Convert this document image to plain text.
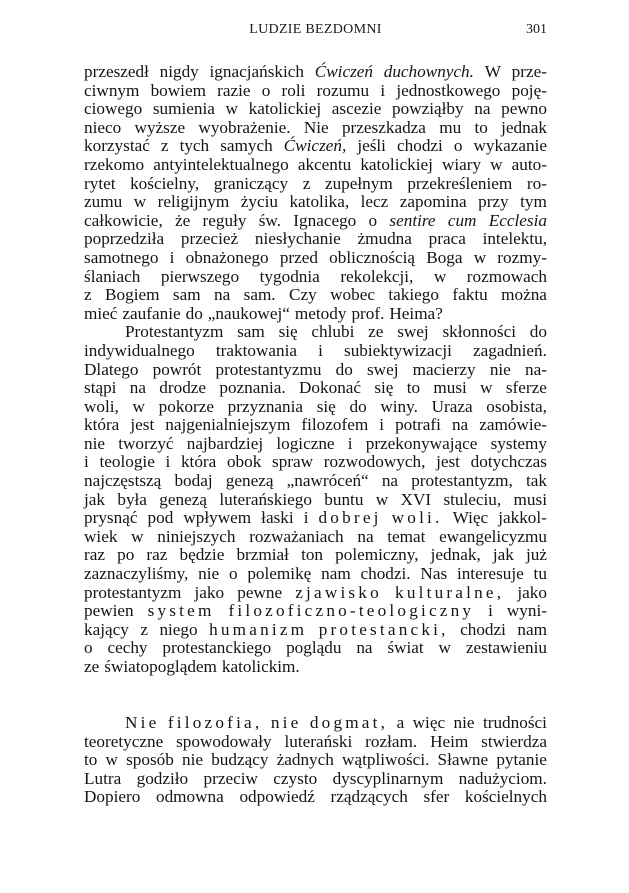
LUDZIE BEZDOMNI	301
przeszedł nigdy ignacjańskich Ćwiczeń duchownych. W prze-
ciwnym bowiem razie o roli rozumu i jednostkowego poję-
ciowego sumienia w katolickiej ascezie powziąłby na pewno
nieco wyższe wyobrażenie. Nie przeszkadza mu to jednak
korzystać z tych samych Ćwiczeń, jeśli chodzi o wykazanie
rzekomo antyintelektualnego akcentu katolickiej wiary w auto-
rytet kościelny, graniczący z zupełnym przekreśleniem ro-
zumu w religijnym życiu katolika, lecz zapomina przy tym
całkowicie, że reguły św. Ignacego o sentire cum Ecclesia
poprzedziła przecież niesłychanie żmudna praca intelektu,
samotnego i obnażonego przed oblicznością Boga w rozmy-
ślaniach pierwszego tygodnia rekolekcji, w rozmowach
z Bogiem sam na sam. Czy wobec takiego faktu można
mieć zaufanie do „naukowej“ metody prof. Heima?
Protestantyzm sam się chlubi ze swej skłonności do
indywidualnego traktowania i subiektywizacji zagadnień.
Dlatego powrót protestantyzmu do swej macierzy nie na-
stąpi na drodze poznania. Dokonać się to musi w sferze
woli, w pokorze przyznania się do winy. Uraza osobista,
która jest najgenialniejszym filozofem i potrafi na zamówie-
nie tworzyć najbardziej logiczne i przekonywające systemy
i teologie i która obok spraw rozwodowych, jest dotychczas
najczęstszą bodaj genezą „nawróceń“ na protestantyzm, tak
jak była genezą luterańskiego buntu w XVI stuleciu, musi
prysnąć pod wpływem łaski i dobrej woli. Więc jakkol-
wiek w niniejszych rozważaniach na temat ewangelicyzmu
raz po raz będzie brzmiał ton polemiczny, jednak, jak już
zaznaczyliśmy, nie o polemikę nam chodzi. Nas interesuje tu
protestantyzm jako pewne zjawisko kulturalne, jako
pewien system filozoficzno-teologiczny i wyni-
kający z niego humanizm protestancki, chodzi nam
o cechy protestanckiego poglądu na świat w zestawieniu
ze światopoglądem katolickim.
Nie filozofia, nie dogmat, a więc nie trudności
teoretyczne spowodowały luterański rozłam. Heim stwierdza
to w sposób nie budzący żadnych wątpliwości. Sławne pytanie
Lutra godziło przeciw czysto dyscyplinarnym nadużyciom.
Dopiero odmowna odpowiedź rządzących sfer kościelnych
